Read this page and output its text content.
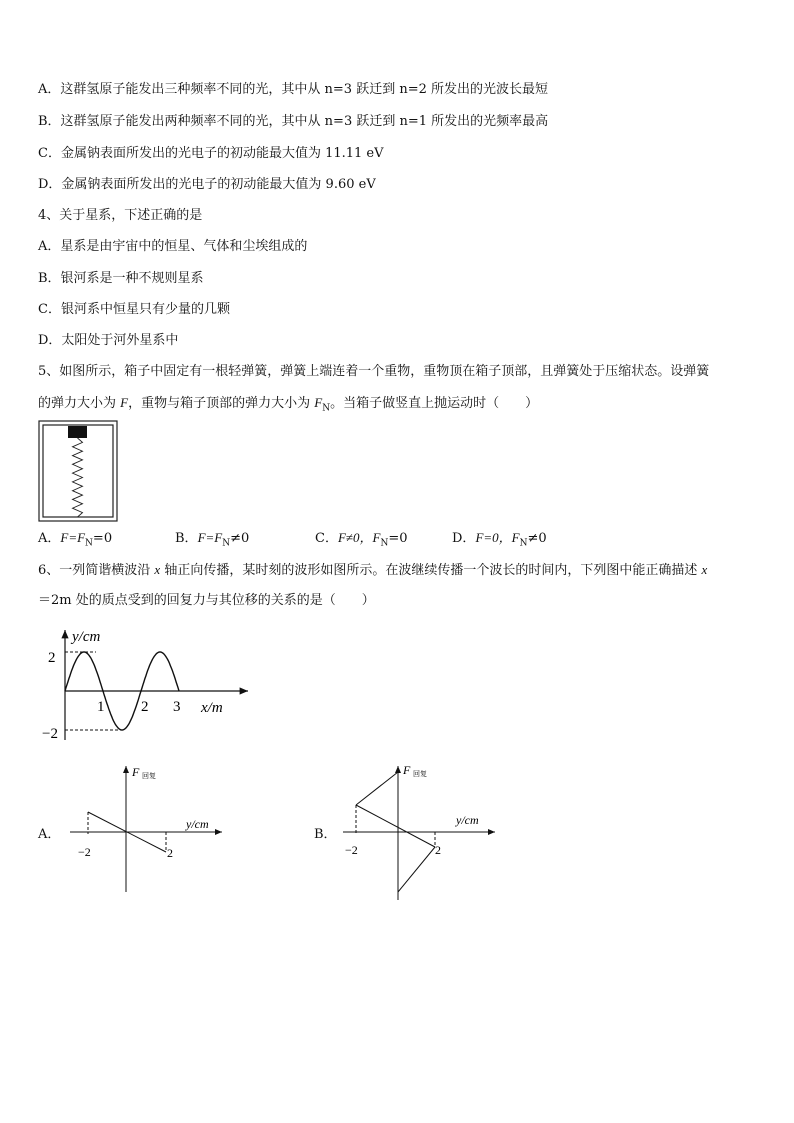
A．这群氢原子能发出三种频率不同的光，其中从 n=3 跃迁到 n=2 所发出的光波长最短
B．这群氢原子能发出两种频率不同的光，其中从 n=3 跃迁到 n=1 所发出的光频率最高
C．金属钠表面所发出的光电子的初动能最大值为 11.11 eV
D．金属钠表面所发出的光电子的初动能最大值为 9.60 eV
4、关于星系，下述正确的是
A．星系是由宇宙中的恒星、气体和尘埃组成的
B．银河系是一种不规则星系
C．银河系中恒星只有少量的几颗
D．太阳处于河外星系中
5、如图所示，箱子中固定有一根轻弹簧，弹簧上端连着一个重物，重物顶在箱子顶部，且弹簧处于压缩状态。设弹簧
的弹力大小为 F，重物与箱子顶部的弹力大小为 $F_N$。当箱子做竖直上抛运动时（　　）
A．$F=F_N=0$	B．$F=F_N\ne 0$	C．F≠0，$F_N=0$	D．F=0，$F_N\ne 0$
6、一列简谐横波沿 x 轴正向传播，某时刻的波形如图所示。在波继续传播一个波长的时间内，下列图中能正确描述 x
＝2m 处的质点受到的回复力与其位移的关系的是（　　）
y/cm
2
−2
1 2 3 x/m
A．
F 回复
y/cm
−2	2
B．
F 回复
y/cm
−2	2
